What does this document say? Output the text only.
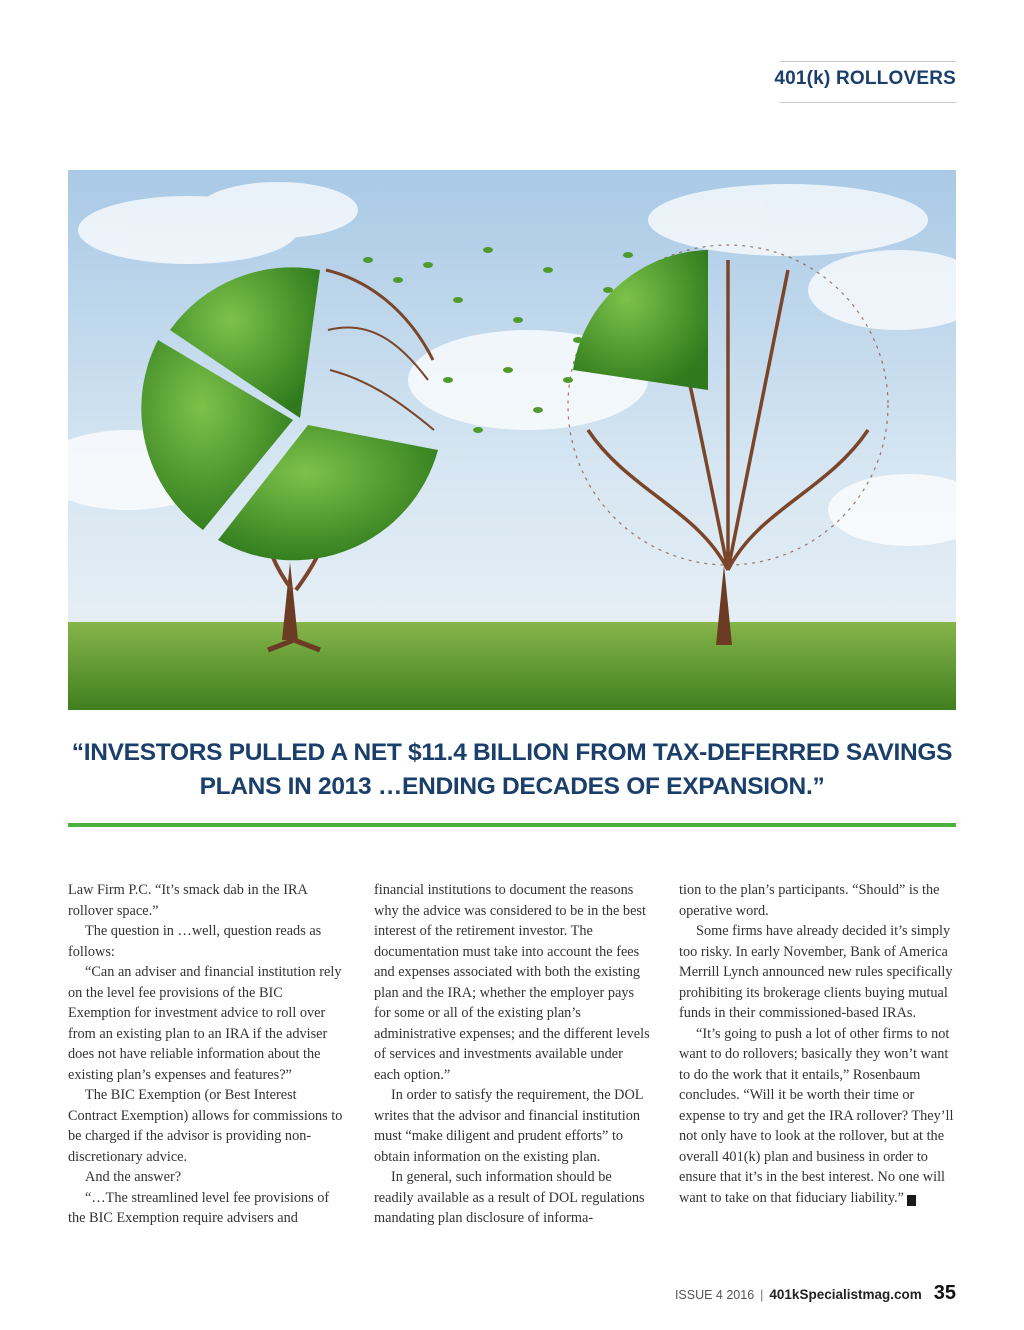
401(k) ROLLOVERS
“INVESTORS PULLED A NET $11.4 BILLION FROM TAX-DEFERRED SAVINGS
PLANS IN 2013 …ENDING DECADES OF EXPANSION.”

Law Firm P.C. “It’s smack dab in the IRA rollover space.”

The question in …well, question reads as follows:

“Can an adviser and financial institution rely on the level fee provisions of the BIC Exemption for investment advice to roll over from an existing plan to an IRA if the adviser does not have reliable information about the existing plan’s expenses and features?”

The BIC Exemption (or Best Interest Contract Exemption) allows for commissions to be charged if the advisor is providing non-discretionary advice.

And the answer?

“…The streamlined level fee provisions of the BIC Exemption require advisers and

financial institutions to document the reasons why the advice was considered to be in the best interest of the retirement investor. The documentation must take into account the fees and expenses associated with both the existing plan and the IRA; whether the employer pays for some or all of the existing plan’s administrative expenses; and the different levels of services and investments available under each option.”

In order to satisfy the requirement, the DOL writes that the advisor and financial institution must “make diligent and prudent efforts” to obtain information on the existing plan.

In general, such information should be readily available as a result of DOL regulations mandating plan disclosure of informa-

tion to the plan’s participants. “Should” is the operative word.

Some firms have already decided it’s simply too risky. In early November, Bank of America Merrill Lynch announced new rules specifically prohibiting its brokerage clients buying mutual funds in their commissioned-based IRAs.

“It’s going to push a lot of other firms to not want to do rollovers; basically they won’t want to do the work that it entails,” Rosenbaum concludes. “Will it be worth their time or expense to try and get the IRA rollover? They’ll not only have to look at the rollover, but at the overall 401(k) plan and business in order to ensure that it’s in the best interest. No one will want to take on that fiduciary liability.” K

ISSUE 4 2016 | 401kSpecialistmag.com 35
